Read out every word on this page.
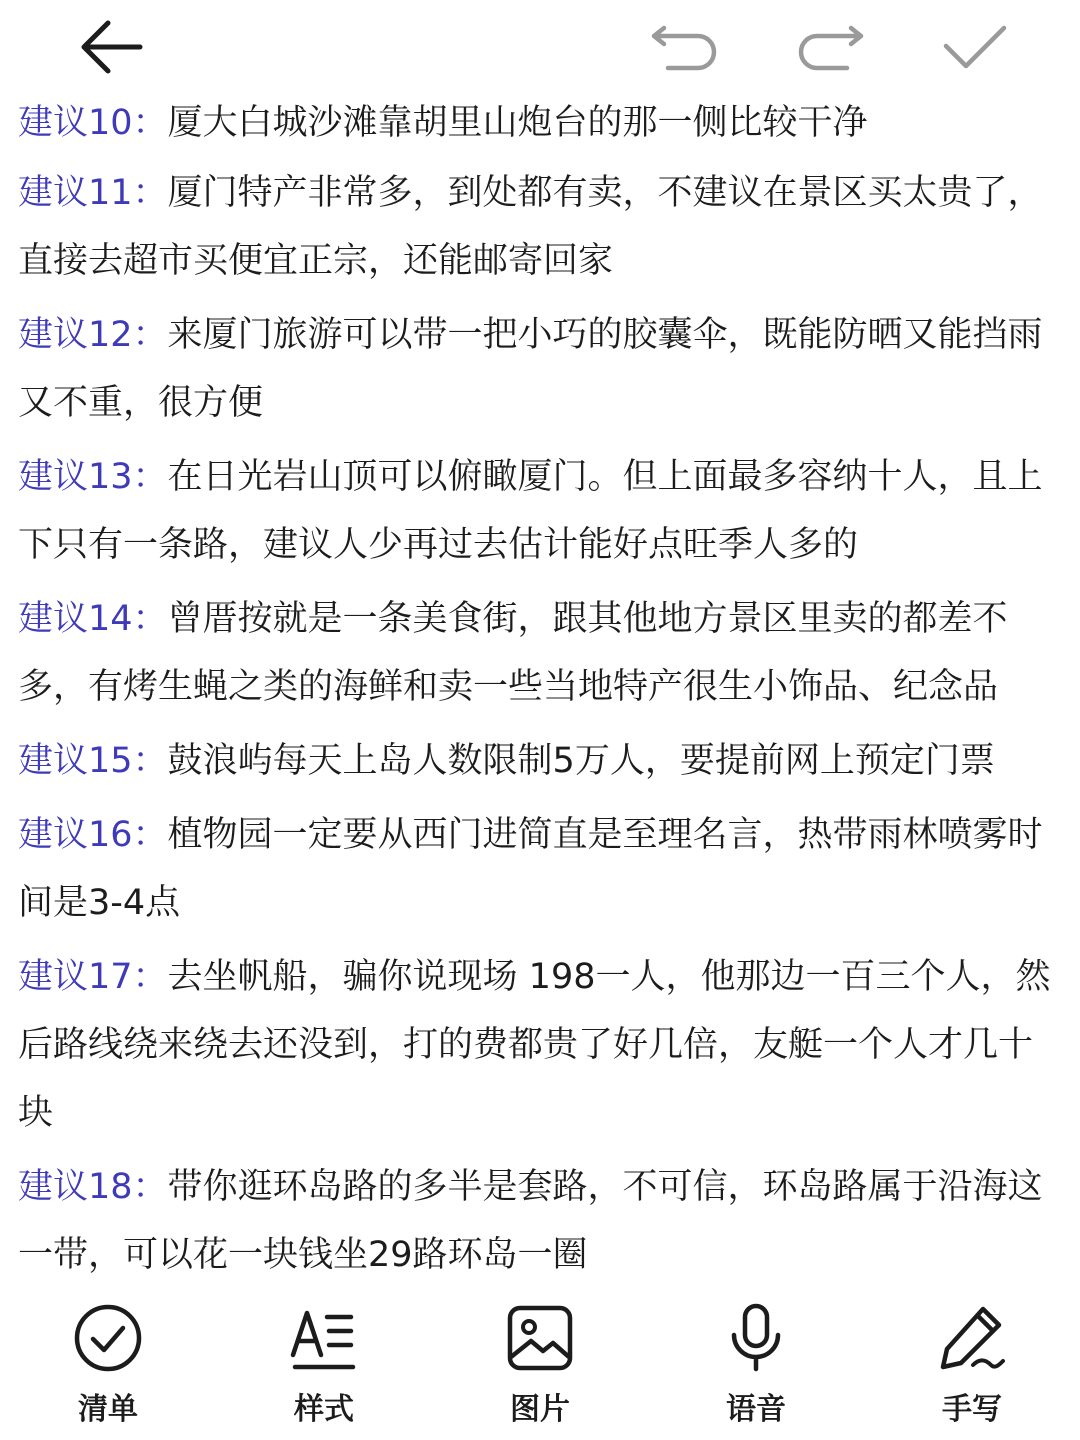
建议10：厦大白城沙滩靠胡里山炮台的那一侧比较干净

建议11：厦门特产非常多，到处都有卖，不建议在景区买太贵了，直接去超市买便宜正宗，还能邮寄回家

建议12：来厦门旅游可以带一把小巧的胶囊伞，既能防晒又能挡雨又不重，很方便

建议13：在日光岩山顶可以俯瞰厦门。但上面最多容纳十人，且上下只有一条路，建议人少再过去估计能好点旺季人多的

建议14：曾厝按就是一条美食街，跟其他地方景区里卖的都差不多，有烤生蝇之类的海鲜和卖一些当地特产很生小饰品、纪念品

建议15：鼓浪屿每天上岛人数限制5万人，要提前网上预定门票

建议16：植物园一定要从西门进简直是至理名言，热带雨林喷雾时间是3-4点

建议17：去坐帆船，骗你说现场 198一人，他那边一百三个人，然后路线绕来绕去还没到，打的费都贵了好几倍，友艇一个人才几十块

建议18：带你逛环岛路的多半是套路，不可信，环岛路属于沿海这一带，可以花一块钱坐29路环岛一圈

清单	样式	图片	语音	手写
